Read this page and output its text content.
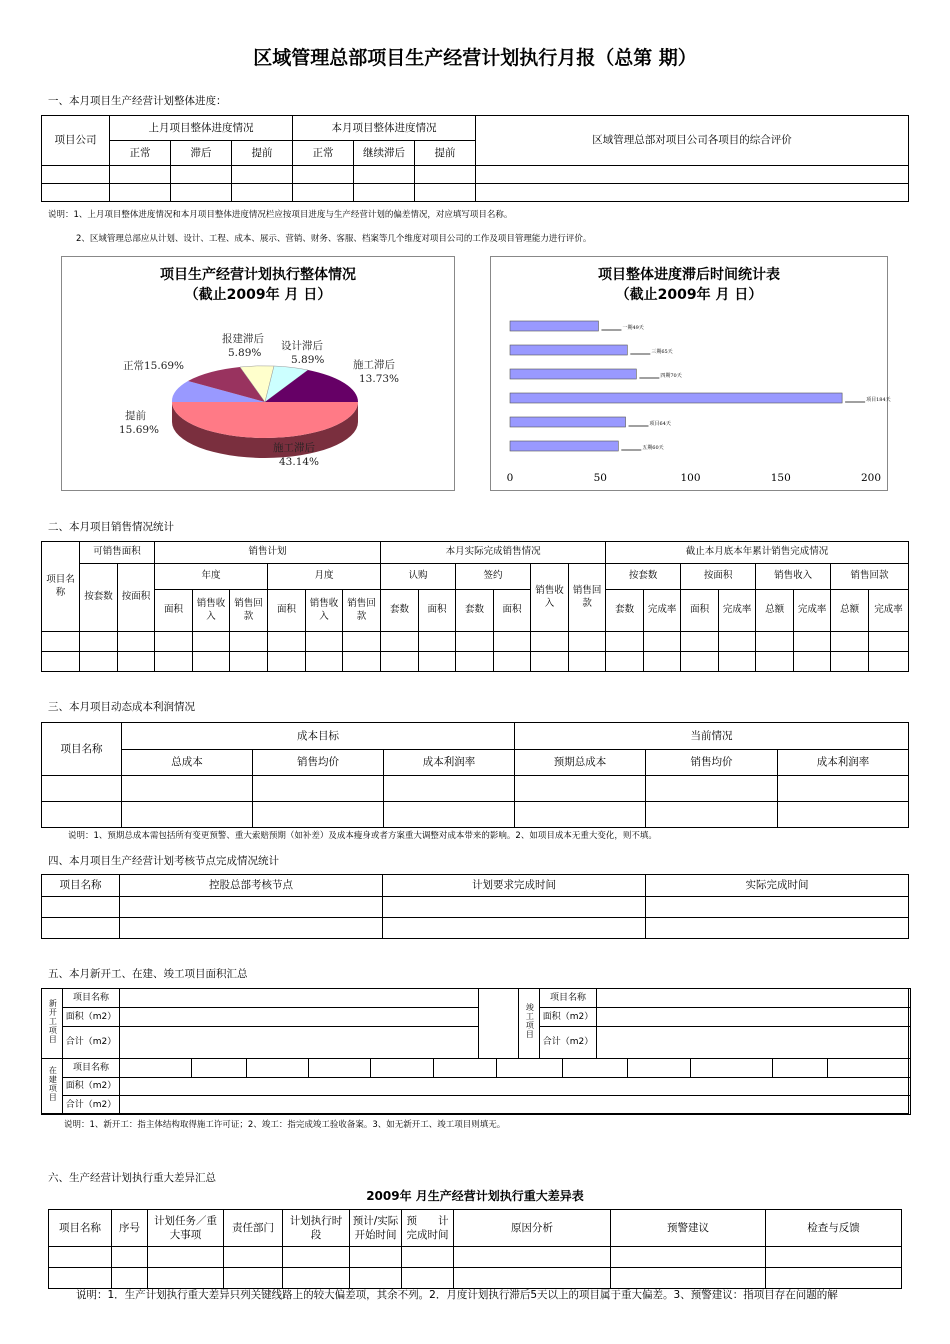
区域管理总部项目生产经营计划执行月报（总第 期）
一、本月项目生产经营计划整体进度：
项目公司	上月项目整体进度情况			本月项目整体进度情况			区域管理总部对项目公司各项目的综合评价
	正常	滞后	提前	正常	继续滞后	提前	

说明：1、上月项目整体进度情况和本月项目整体进度情况栏应按项目进度与生产经营计划的偏差情况，对应填写项目名称。
2、区域管理总部应从计划、设计、工程、成本、展示、营销、财务、客服、档案等几个维度对项目公司的工作及项目管理能力进行评价。
项目生产经营计划执行整体情况
（截止2009年 月 日）
报建滞后
5.89%
设计滞后
5.89%	施工滞后
13.73%
正常15.69%
提前
15.69%
施工滞后
43.14%
项目整体进度滞后时间统计表
（截止2009年 月 日）
一期49天
三期65天
四期70天
项目184天
项目64天
五期60天
0	50	100	150	200
二、本月项目销售情况统计
项目名称	可销售面积		销售计划						本月实际完成销售情况						截止本月底本年累计销售完成情况							
	按套数	按面积	年度			月度			认购		签约		销售收入	销售回款	按套数		按面积		销售收入		销售回款	
			面积	销售收入	销售回款	面积	销售收入	销售回款	套数	面积	套数	面积			套数	完成率	面积	完成率	总额	完成率	总额	完成率

三、本月项目动态成本利润情况
项目名称	成本目标			当前情况		
	总成本	销售均价	成本利润率	预期总成本	销售均价	成本利润率

说明：1、预期总成本需包括所有变更预警、重大索赔预期（如补差）及成本瘦身或者方案重大调整对成本带来的影响。2、如项目成本无重大变化，则不填。
四、本月项目生产经营计划考核节点完成情况统计
项目名称	控股总部考核节点	计划要求完成时间	实际完成时间

五、本月新开工、在建、竣工项目面积汇总
新开工项目	项目名称	
	面积（m2）	
	合计（m2）	
竣工项目	项目名称	
	面积（m2）	
	合计（m2）	
在建项目	项目名称												
	面积（m2）												
	合计（m2）												
说明：1、新开工：指主体结构取得施工许可证；2、竣工：指完成竣工验收备案。3、如无新开工、竣工项目则填无。
六、生产经营计划执行重大差异汇总
2009年 月生产经营计划执行重大差异表
项目名称	序号	计划任务／重大事项	责任部门	计划执行时　段	预计/实际开始时间	预　　计完成时间	原因分析	预警建议	检查与反馈

说明：1．生产计划执行重大差异只列关键线路上的较大偏差项，其余不列。2．月度计划执行滞后5天以上的项目属于重大偏差。3、预警建议：指项目存在问题的解
